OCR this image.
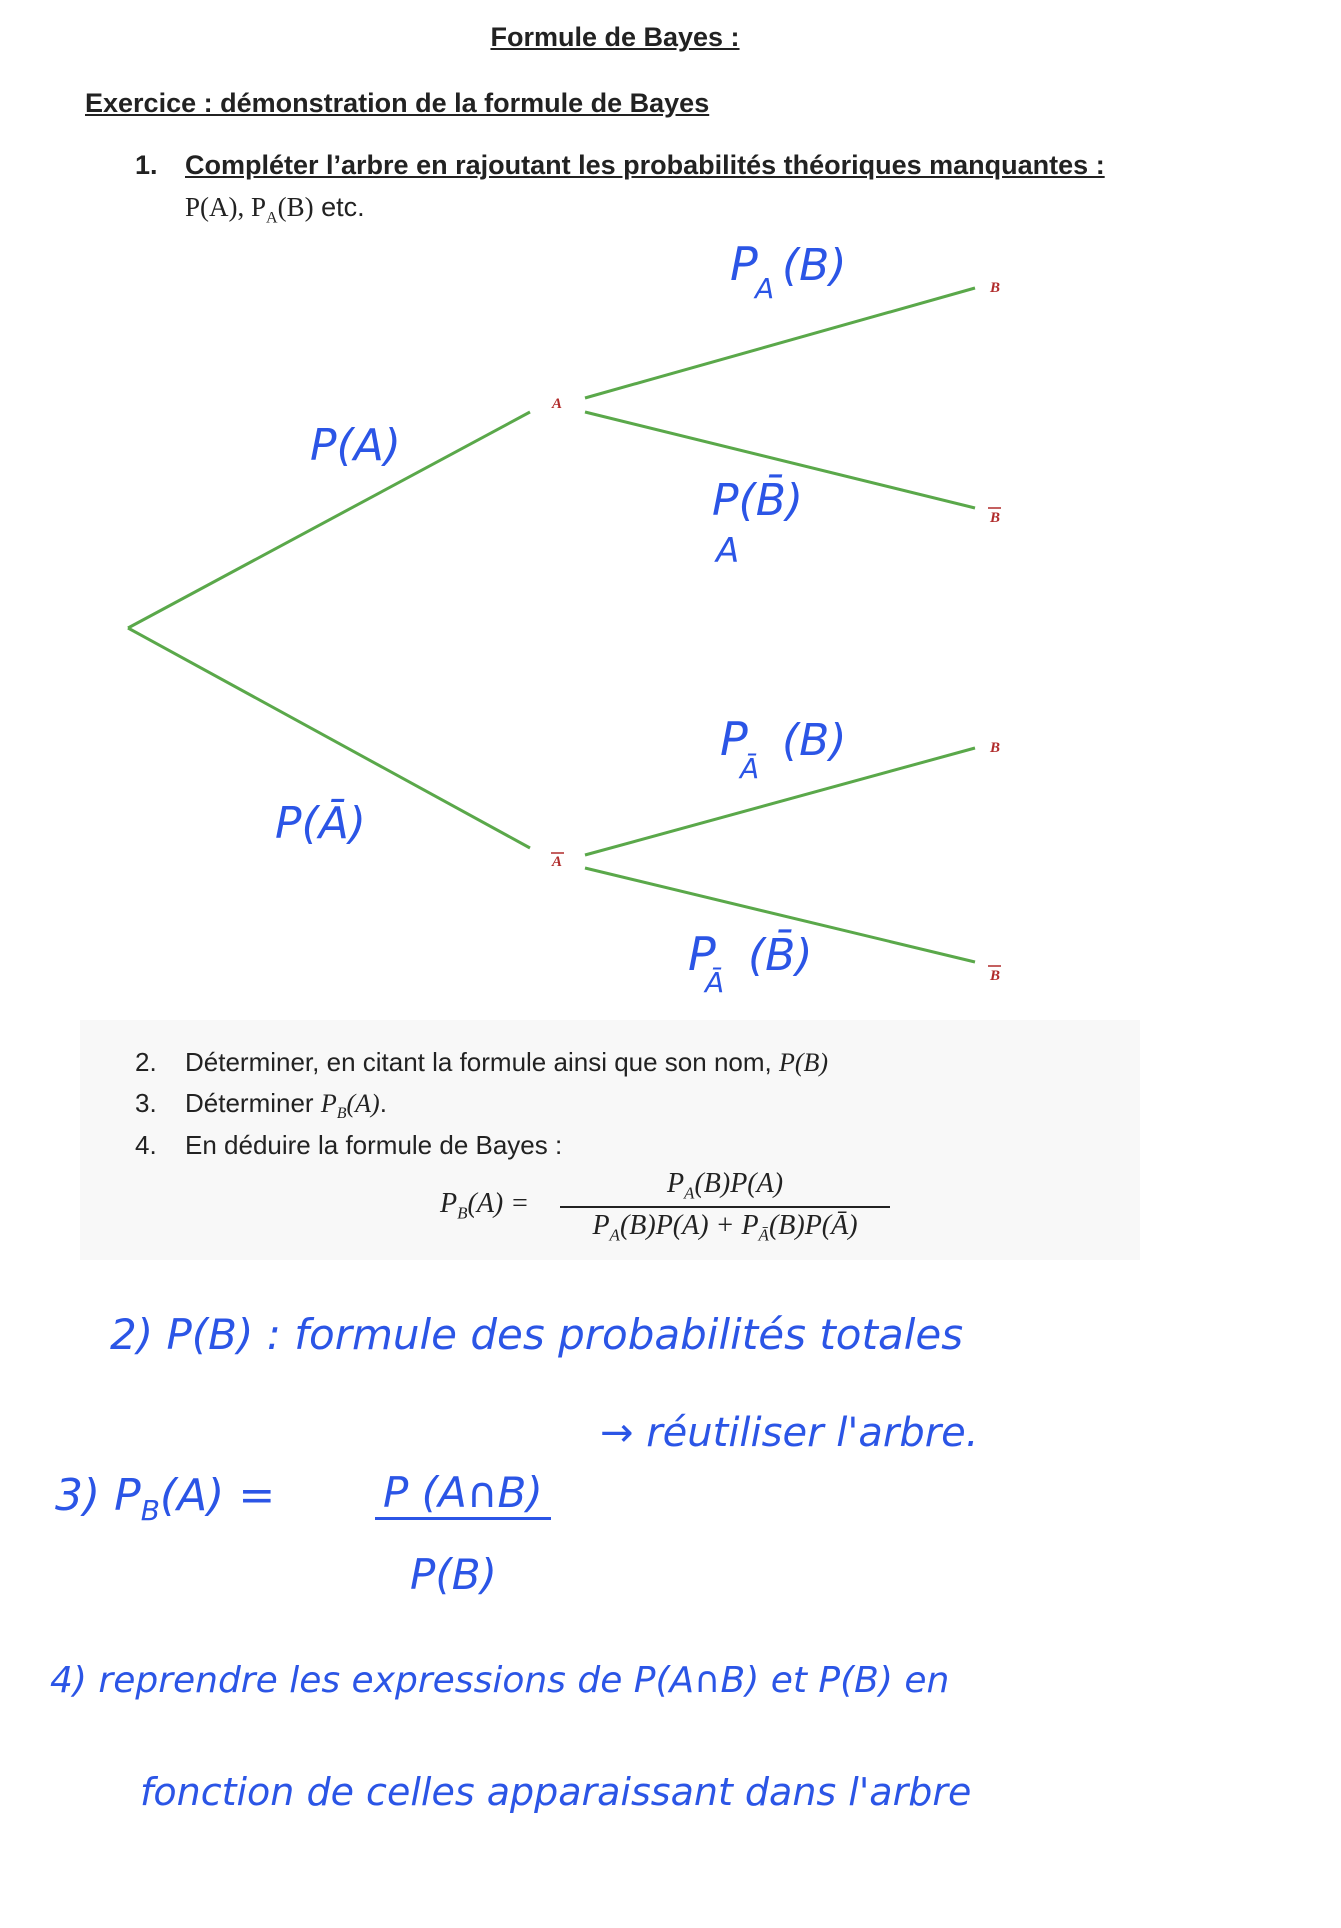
Formule de Bayes :
Exercice : démonstration de la formule de Bayes
1. Compléter l’arbre en rajoutant les probabilités théoriques manquantes :
P(A), $P_A(B)$ etc.
A
A
B
B
B
B
P(A)
P(Ā)
P
A (B)
P(B̄)
A
P
Ā
(B)
P
Ā
(B̄)
2. Déterminer, en citant la formule ainsi que son nom, P(B)
3. Déterminer $P_B(A)$.
4. En déduire la formule de Bayes :
$P_B(A) = \frac{P_A(B)P(A)}{P_A(B)P(A) + P_Ā(B)P(Ā)}$
2) P(B) : formule des probabilités totales
3) $P_B(A)$ =	P (A∩B)
P(B)
→ réutiliser l'arbre.
4) reprendre les expressions de P(A∩B) et P(B) en
fonction de celles apparaissant dans l'arbre
